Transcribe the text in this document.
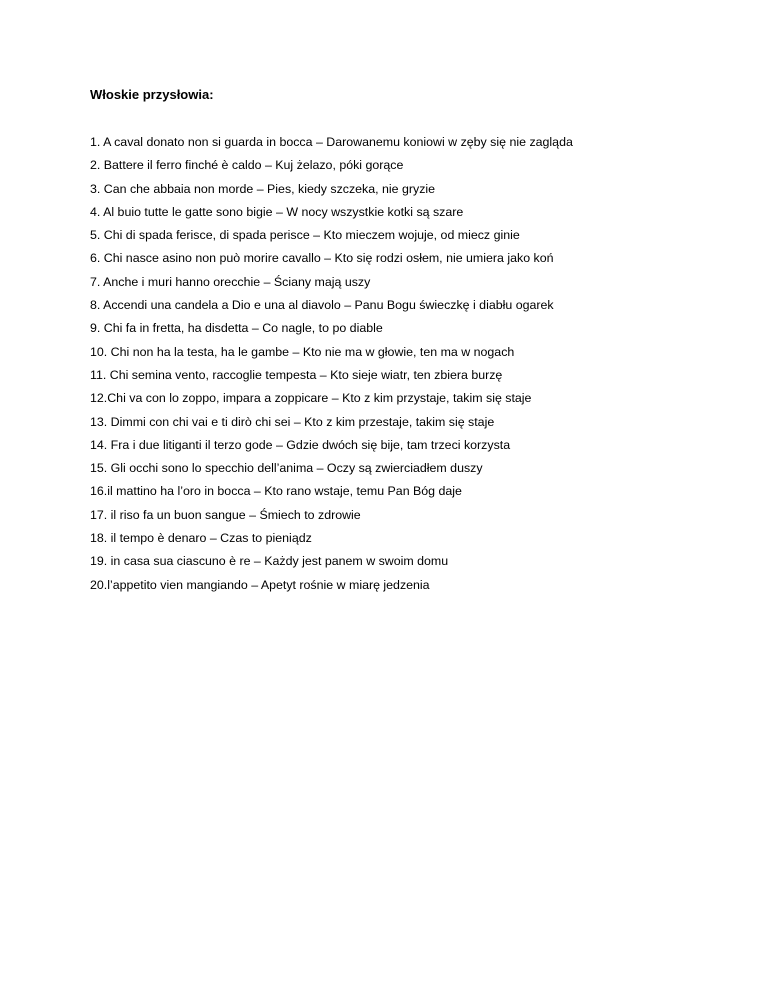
Włoskie przysłowia:
1. A caval donato non si guarda in bocca – Darowanemu koniowi w zęby się nie zagląda
2. Battere il ferro finché è caldo – Kuj żelazo, póki gorące
3. Can che abbaia non morde – Pies, kiedy szczeka, nie gryzie
4. Al buio tutte le gatte sono bigie – W nocy wszystkie kotki są szare
5. Chi di spada ferisce, di spada perisce – Kto mieczem wojuje, od miecz ginie
6. Chi nasce asino non può morire cavallo – Kto się rodzi osłem, nie umiera jako koń
7. Anche i muri hanno orecchie – Ściany mają uszy
8. Accendi una candela a Dio e una al diavolo – Panu Bogu świeczkę i diabłu ogarek
9. Chi fa in fretta, ha disdetta – Co nagle, to po diable
10. Chi non ha la testa, ha le gambe – Kto nie ma w głowie, ten ma w nogach
11. Chi semina vento, raccoglie tempesta – Kto sieje wiatr, ten zbiera burzę
12.Chi va con lo zoppo, impara a zoppicare – Kto z kim przystaje, takim się staje
13. Dimmi con chi vai e ti dirò chi sei – Kto z kim przestaje, takim się staje
14. Fra i due litiganti il terzo gode – Gdzie dwóch się bije, tam trzeci korzysta
15. Gli occhi sono lo specchio dell’anima – Oczy są zwierciadłem duszy
16.il mattino ha l’oro in bocca – Kto rano wstaje, temu Pan Bóg daje
17. il riso fa un buon sangue – Śmiech to zdrowie
18. il tempo è denaro – Czas to pieniądz
19. in casa sua ciascuno è re – Każdy jest panem w swoim domu
20.l’appetito vien mangiando – Apetyt rośnie w miarę jedzenia
